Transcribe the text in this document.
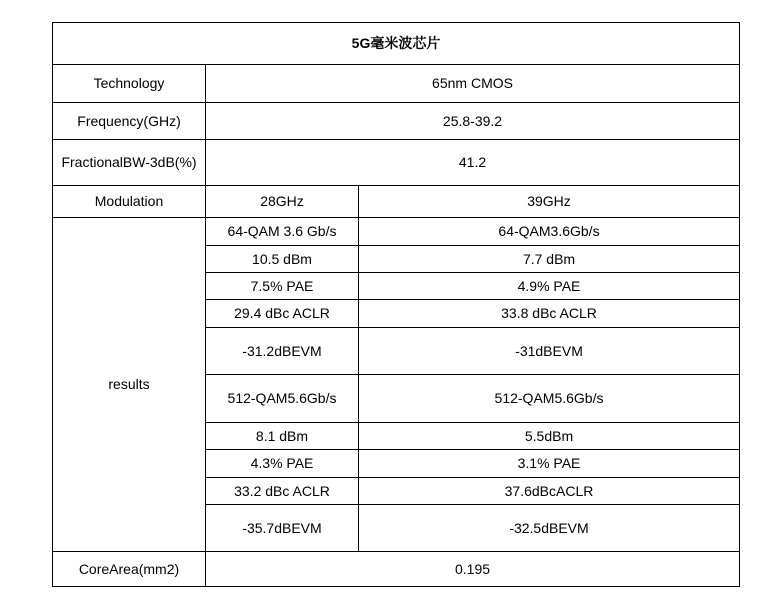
5G毫米波芯片		
Technology	65nm CMOS	
Frequency(GHz)	25.8-39.2	
FractionalBW-3dB(%)	41.2	
Modulation	28GHz	39GHz
results	64-QAM 3.6 Gb/s	64-QAM3.6Gb/s
	10.5 dBm	7.7 dBm
	7.5% PAE	4.9% PAE
	29.4 dBc ACLR	33.8 dBc ACLR
	-31.2dBEVM	-31dBEVM
	512-QAM5.6Gb/s	512-QAM5.6Gb/s
	8.1 dBm	5.5dBm
	4.3% PAE	3.1% PAE
	33.2 dBc ACLR	37.6dBcACLR
	-35.7dBEVM	-32.5dBEVM
CoreArea(mm2)	0.195	
